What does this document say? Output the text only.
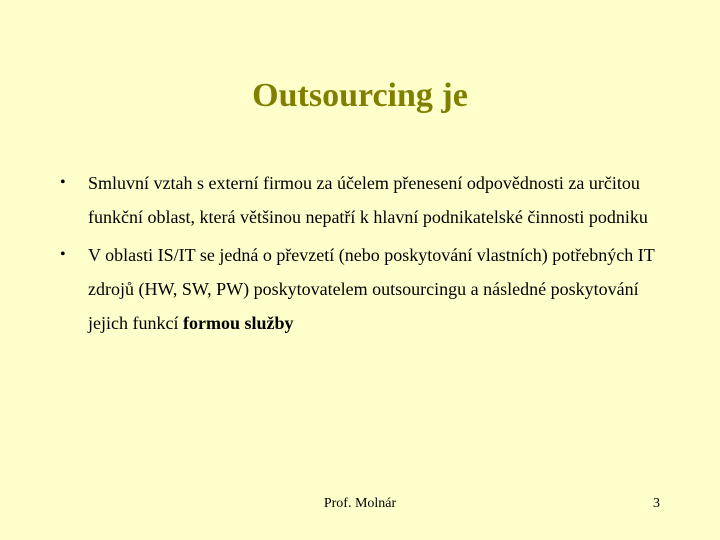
Outsourcing je
• Smluvní vztah s externí firmou za účelem přenesení odpovědnosti za určitou funkční oblast, která většinou nepatří k hlavní podnikatelské činnosti podniku
• V oblasti IS/IT se jedná o převzetí (nebo poskytování vlastních) potřebných IT zdrojů (HW, SW, PW) poskytovatelem outsourcingu a následné poskytování jejich funkcí formou služby
Prof. Molnár	3
